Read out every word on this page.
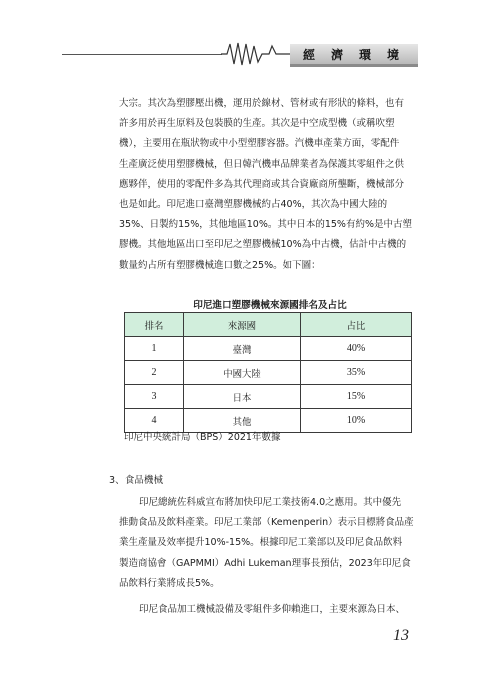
經濟環境
大宗。其次為塑膠壓出機，運用於線材、管材或有形狀的條料，也有
許多用於再生原料及包裝膜的生產。其次是中空成型機（或稱吹塑
機），主要用在瓶狀物或中小型塑膠容器。汽機車產業方面，零配件
生產廣泛使用塑膠機械，但日韓汽機車品牌業者為保護其零組件之供
應夥伴，使用的零配件多為其代理商或其合資廠商所壟斷，機械部分
也是如此。印尼進口臺灣塑膠機械約占40%，其次為中國大陸的
35%、日製約15%，其他地區10%。其中日本的15%有約%是中古塑
膠機。其他地區出口至印尼之塑膠機械10%為中古機，估計中古機的
數量約占所有塑膠機械進口數之25%。如下圖：
印尼進口塑膠機械來源國排名及占比
排名	來源國	占比
1	臺灣	40%
2	中國大陸	35%
3	日本	15%
4	其他	10%
印尼中央統計局（BPS）2021年數據
3、食品機械
印尼總統佐科威宣布將加快印尼工業技術4.0之應用。其中優先
推動食品及飲料產業。印尼工業部（Kemenperin）表示目標將食品產
業生產量及效率提升10%-15%。根據印尼工業部以及印尼食品飲料
製造商協會（GAPMMI）Adhi Lukeman理事長預估，2023年印尼食
品飲料行業將成長5%。
印尼食品加工機械設備及零組件多仰賴進口，主要來源為日本、
13
